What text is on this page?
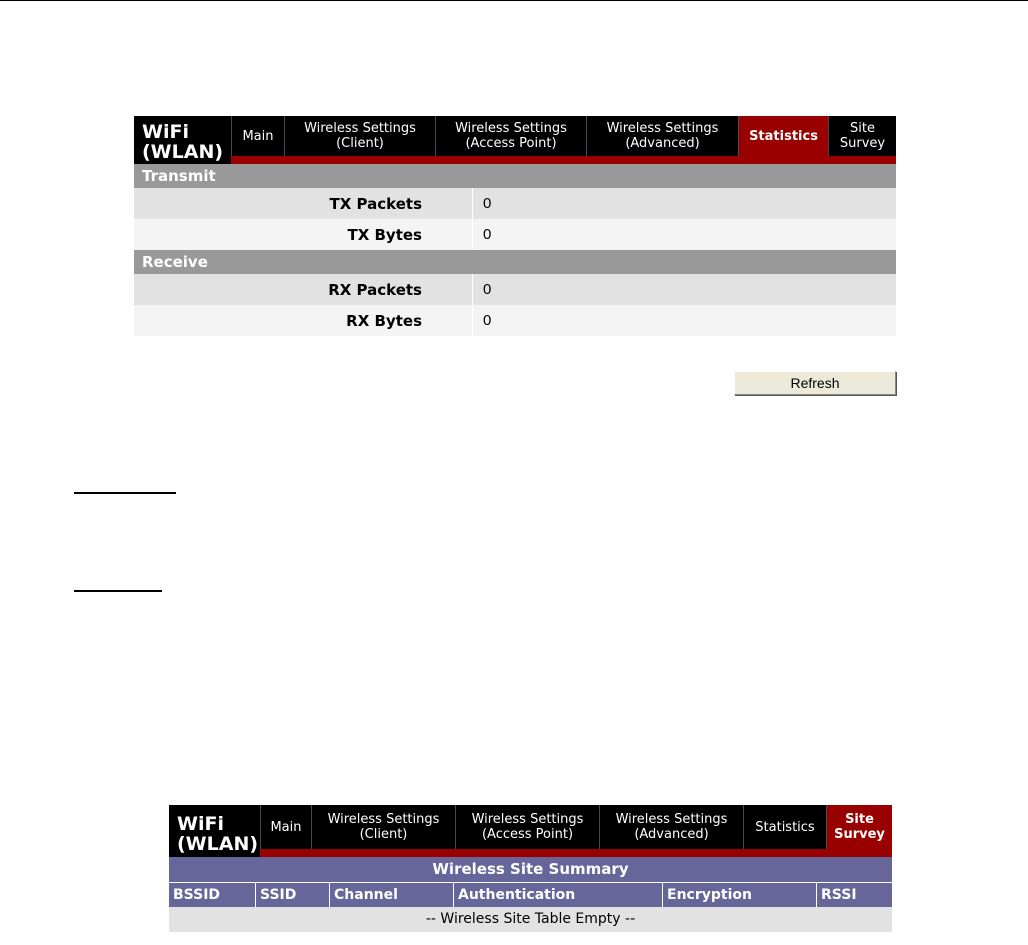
WiFi
(WLAN)
Main Wireless Settings
(Client)
Wireless Settings
(Access Point)
Wireless Settings
(Advanced)	Statistics	Site
Survey
Transmit
TX Packets	0
TX Bytes	0
Receive
RX Packets	0
RX Bytes	0
Refresh
WiFi
(WLAN)
Main Wireless Settings
(Client)
Wireless Settings
(Access Point)
Wireless Settings
(Advanced)	Statistics	Site
Survey
Wireless Site Summary
BSSID	SSID	Channel	Authentication	Encryption	RSSI
-- Wireless Site Table Empty --
